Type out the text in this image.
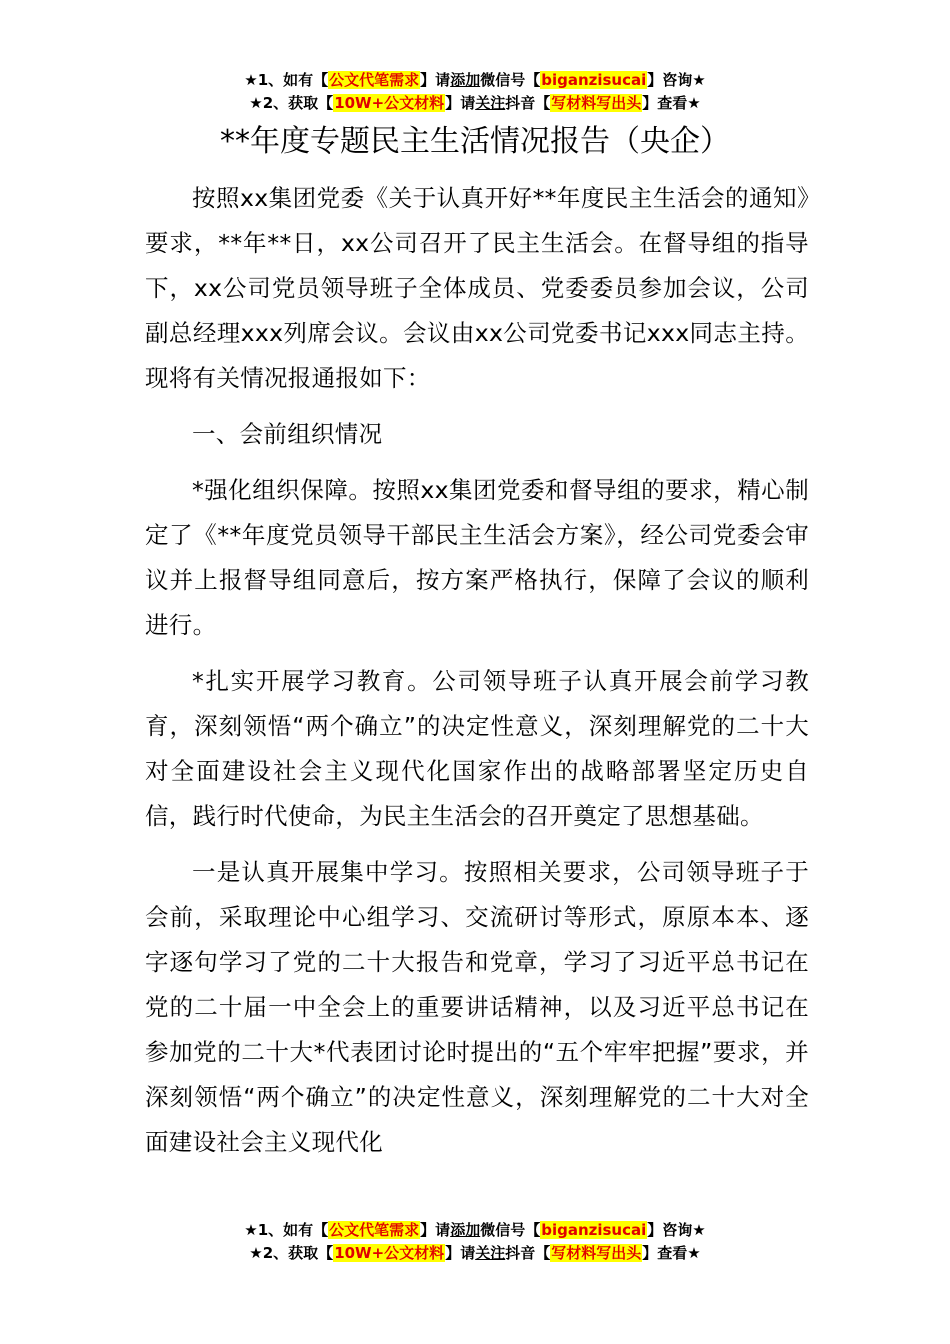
★1、如有【公文代笔需求】请添加微信号【biganzisucai】咨询★
★2、获取【10W+公文材料】请关注抖音【写材料写出头】查看★
**年度专题民主生活情况报告（央企）

按照xx集团党委《关于认真开好**年度民主生活会的通知》要求，**年**日，xx公司召开了民主生活会。在督导组的指导下，xx公司党员领导班子全体成员、党委委员参加会议，公司副总经理xxx列席会议。会议由xx公司党委书记xxx同志主持。现将有关情况报通报如下：

一、会前组织情况

*强化组织保障。按照xx集团党委和督导组的要求，精心制定了《**年度党员领导干部民主生活会方案》，经公司党委会审议并上报督导组同意后，按方案严格执行，保障了会议的顺利进行。

*扎实开展学习教育。公司领导班子认真开展会前学习教育，深刻领悟“两个确立”的决定性意义，深刻理解党的二十大对全面建设社会主义现代化国家作出的战略部署坚定历史自信，践行时代使命，为民主生活会的召开奠定了思想基础。

一是认真开展集中学习。按照相关要求，公司领导班子于会前，采取理论中心组学习、交流研讨等形式，原原本本、逐字逐句学习了党的二十大报告和党章，学习了习近平总书记在党的二十届一中全会上的重要讲话精神，以及习近平总书记在参加党的二十大*代表团讨论时提出的“五个牢牢把握”要求，并深刻领悟“两个确立”的决定性意义，深刻理解党的二十大对全面建设社会主义现代化

★1、如有【公文代笔需求】请添加微信号【biganzisucai】咨询★
★2、获取【10W+公文材料】请关注抖音【写材料写出头】查看★
